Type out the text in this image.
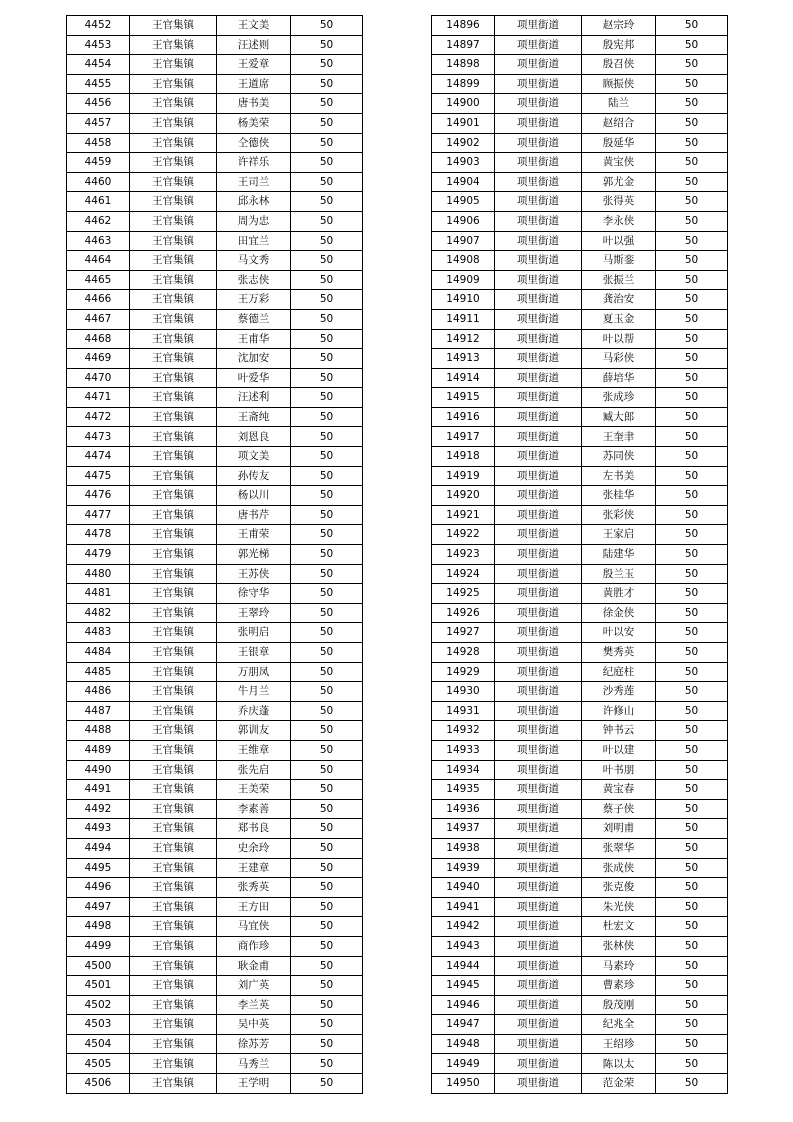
4452	王官集镇	王文美	50
4453	王官集镇	汪述则	50
4454	王官集镇	王爱章	50
4455	王官集镇	王道席	50
4456	王官集镇	唐书美	50
4457	王官集镇	杨美荣	50
4458	王官集镇	仝德侠	50
4459	王官集镇	许祥乐	50
4460	王官集镇	王司兰	50
4461	王官集镇	邱永林	50
4462	王官集镇	周为忠	50
4463	王官集镇	田宜兰	50
4464	王官集镇	马文秀	50
4465	王官集镇	张志侠	50
4466	王官集镇	王万彩	50
4467	王官集镇	蔡德兰	50
4468	王官集镇	王甫华	50
4469	王官集镇	沈加安	50
4470	王官集镇	叶爱华	50
4471	王官集镇	汪述利	50
4472	王官集镇	王斋纯	50
4473	王官集镇	刘恩良	50
4474	王官集镇	项文美	50
4475	王官集镇	孙传友	50
4476	王官集镇	杨以川	50
4477	王官集镇	唐书芹	50
4478	王官集镇	王甫荣	50
4479	王官集镇	郭光梯	50
4480	王官集镇	王苏侠	50
4481	王官集镇	徐守华	50
4482	王官集镇	王翠玲	50
4483	王官集镇	张明启	50
4484	王官集镇	王银章	50
4485	王官集镇	万朋凤	50
4486	王官集镇	牛月兰	50
4487	王官集镇	乔庆蓬	50
4488	王官集镇	郭训友	50
4489	王官集镇	王维章	50
4490	王官集镇	张先启	50
4491	王官集镇	王美荣	50
4492	王官集镇	李素善	50
4493	王官集镇	郑书良	50
4494	王官集镇	史余玲	50
4495	王官集镇	王建章	50
4496	王官集镇	张秀英	50
4497	王官集镇	王方田	50
4498	王官集镇	马宜侠	50
4499	王官集镇	商作珍	50
4500	王官集镇	耿金甫	50
4501	王官集镇	刘广英	50
4502	王官集镇	李兰英	50
4503	王官集镇	吴中英	50
4504	王官集镇	徐苏芳	50
4505	王官集镇	马秀兰	50
4506	王官集镇	王学明	50
14896	项里街道	赵宗玲	50
14897	项里街道	殷宪邦	50
14898	项里街道	殷召侠	50
14899	项里街道	顾振侠	50
14900	项里街道	陆兰	50
14901	项里街道	赵绍合	50
14902	项里街道	殷延华	50
14903	项里街道	黄宝侠	50
14904	项里街道	郭尤金	50
14905	项里街道	张得英	50
14906	项里街道	李永侠	50
14907	项里街道	叶以强	50
14908	项里街道	马斯銮	50
14909	项里街道	张振兰	50
14910	项里街道	龚治安	50
14911	项里街道	夏玉金	50
14912	项里街道	叶以帮	50
14913	项里街道	马彩侠	50
14914	项里街道	薛培华	50
14915	项里街道	张成珍	50
14916	项里街道	臧大郎	50
14917	项里街道	王奎聿	50
14918	项里街道	苏同侠	50
14919	项里街道	左书美	50
14920	项里街道	张桂华	50
14921	项里街道	张彩侠	50
14922	项里街道	王家启	50
14923	项里街道	陆建华	50
14924	项里街道	殷兰玉	50
14925	项里街道	黄胜才	50
14926	项里街道	徐金侠	50
14927	项里街道	叶以安	50
14928	项里街道	樊秀英	50
14929	项里街道	纪庭柱	50
14930	项里街道	沙秀莲	50
14931	项里街道	许修山	50
14932	项里街道	钟书云	50
14933	项里街道	叶以建	50
14934	项里街道	叶书朋	50
14935	项里街道	黄宝春	50
14936	项里街道	蔡子侠	50
14937	项里街道	刘明甫	50
14938	项里街道	张翠华	50
14939	项里街道	张成侠	50
14940	项里街道	张克俊	50
14941	项里街道	朱光侠	50
14942	项里街道	杜宏文	50
14943	项里街道	张林侠	50
14944	项里街道	马素玲	50
14945	项里街道	曹素珍	50
14946	项里街道	殷茂刚	50
14947	项里街道	纪兆全	50
14948	项里街道	王绍珍	50
14949	项里街道	陈以太	50
14950	项里街道	范金荣	50
